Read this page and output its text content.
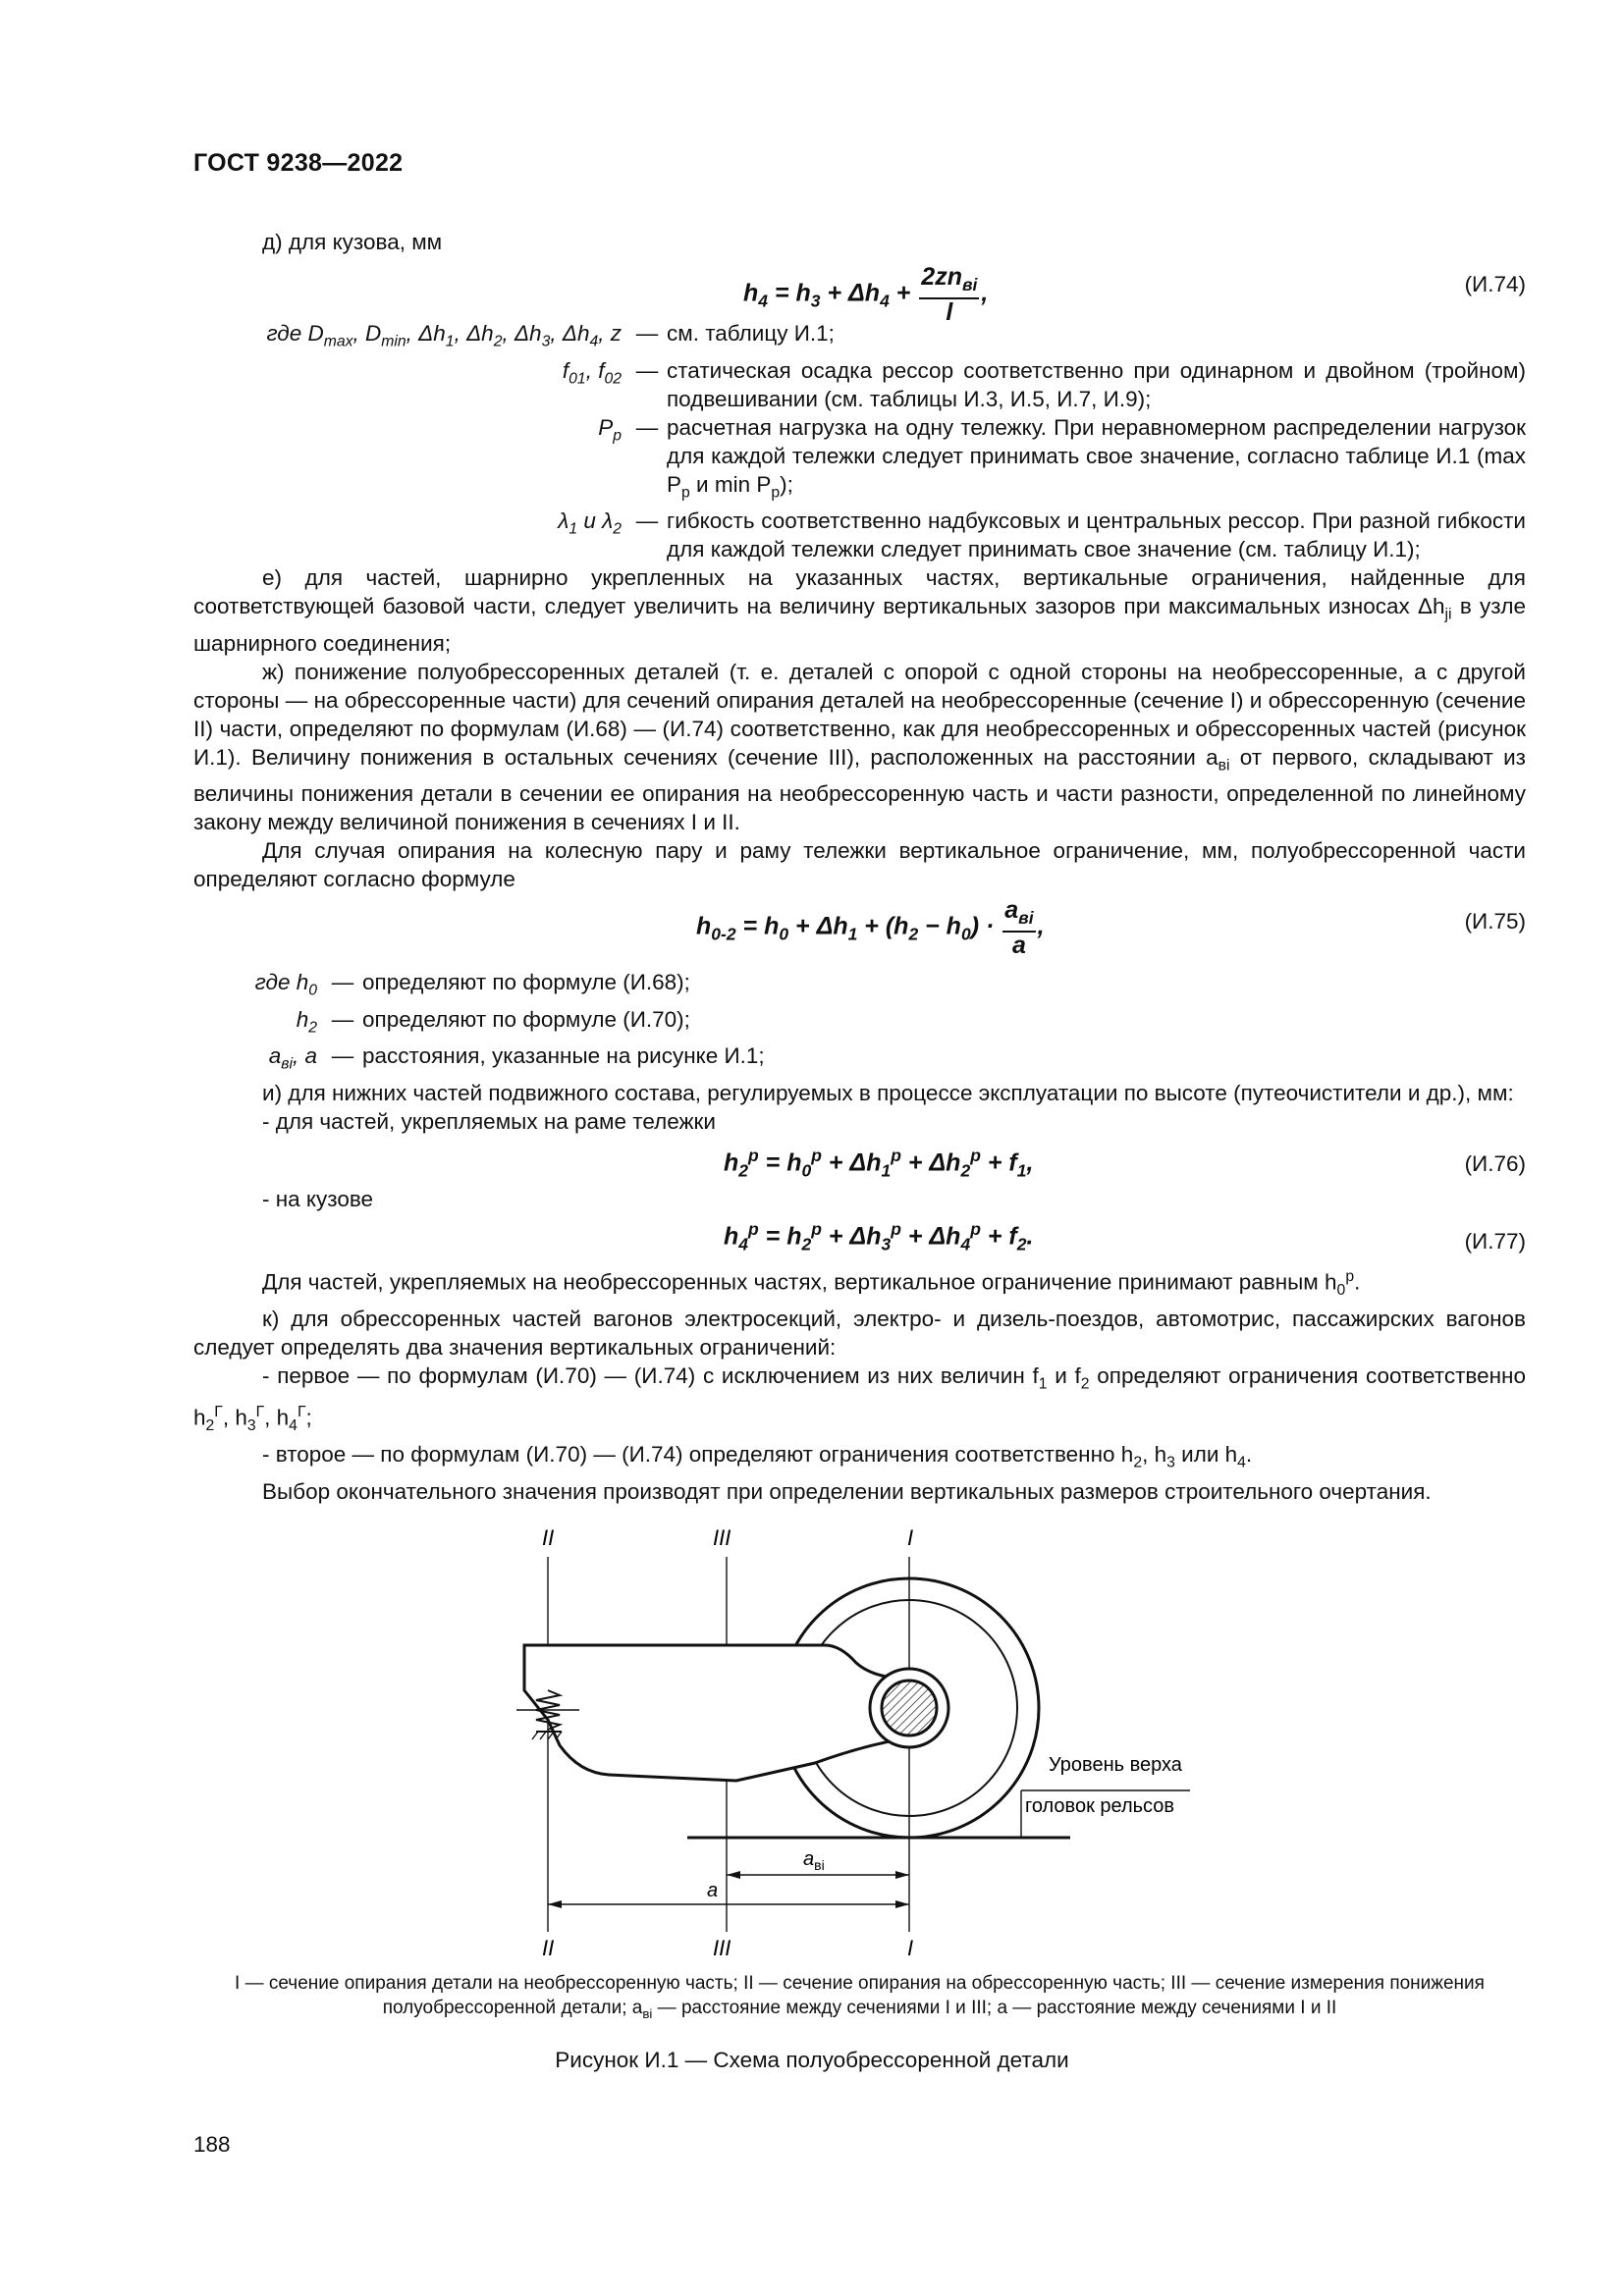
ГОСТ 9238—2022

д) для кузова, мм

$h_4 = h_3 + \Delta h_4 + \frac{2zn_{вi}}{l}$ ,	(И.74)
где $D_{max}$, $D_{min}$, $\Delta h_1$, $\Delta h_2$, $\Delta h_3$, $\Delta h_4$, z — см. таблицу И.1;
$f_{01}$, $f_{02}$ — статическая осадка рессор соответственно при одинарном и двойном (тройном) подвешивании (см. таблицы И.3, И.5, И.7, И.9);
$P_р$ — расчетная нагрузка на одну тележку. При неравномерном распределении нагрузок для каждой тележки следует принимать свое значение, согласно таблице И.1 (max $P_р$ и $\min P_р$);
$\lambda_1$ и $\lambda_2$ — гибкость соответственно надбуксовых и центральных рессор. При разной гибкости для каждой тележки следует принимать свое значение (см. таблицу И.1);

е) для частей, шарнирно укрепленных на указанных частях, вертикальные ограничения, найденные для соответствующей базовой части, следует увеличить на величину вертикальных зазоров при максимальных износах $\Delta h_{ji}$ в узле шарнирного соединения;

ж) понижение полуобрессоренных деталей (т. е. деталей с опорой с одной стороны на необрессоренные, а с другой стороны — на обрессоренные части) для сечений опирания деталей на необрессоренные (сечение I) и обрессоренную (сечение II) части, определяют по формулам (И.68) — (И.74) соответственно, как для необрессоренных и обрессоренных частей (рисунок И.1). Величину понижения в остальных сечениях (сечение III), расположенных на расстоянии $a_{вi}$ от первого, складывают из величины понижения детали в сечении ее опирания на необрессоренную часть и части разности, определенной по линейному закону между величиной понижения в сечениях I и II.

Для случая опирания на колесную пару и раму тележки вертикальное ограничение, мм, полуобрессоренной части определяют согласно формуле

$h_{0-2} = h_0 + \Delta h_1 + (h_2 - h_0) \cdot \frac{a_{вi}}{a}$ ,	(И.75)
где $h_0$ — определяют по формуле (И.68);
$h_2$ — определяют по формуле (И.70);
$a_{вi}$, a — расстояния, указанные на рисунке И.1;

и) для нижних частей подвижного состава, регулируемых в процессе эксплуатации по высоте (путеочистители и др.), мм:

- для частей, укрепляемых на раме тележки

$h_2^р = h_0^р + \Delta h_1^р + \Delta h_2^р + f_1$,	(И.76)

- на кузове

$h_4^р = h_2^р + \Delta h_3^р + \Delta h_4^р + f_2$.	(И.77)

Для частей, укрепляемых на необрессоренных частях, вертикальное ограничение принимают равным $h_0^р$.

к) для обрессоренных частей вагонов электросекций, электро- и дизель-поездов, автомотрис, пассажирских вагонов следует определять два значения вертикальных ограничений:

- первое — по формулам (И.70) — (И.74) с исключением из них величин $f_1$ и $f_2$ определяют ограничения соответственно $h_2^Г$, $h_3^Г$, $h_4^Г$;

- второе — по формулам (И.70) — (И.74) определяют ограничения соответственно $h_2$, $h_3$ или $h_4$.

Выбор окончательного значения производят при определении вертикальных размеров строительного очертания.

II	III	I
Уровень верха
головок рельсов
$a_{вi}$
a
II	III	I
I — сечение опирания детали на необрессоренную часть; II — сечение опирания на обрессоренную часть; III — сечение измерения понижения полуобрессоренной детали; $a_{вi}$ — расстояние между сечениями I и III; a — расстояние между сечениями I и II
Рисунок И.1 — Схема полуобрессоренной детали
188
